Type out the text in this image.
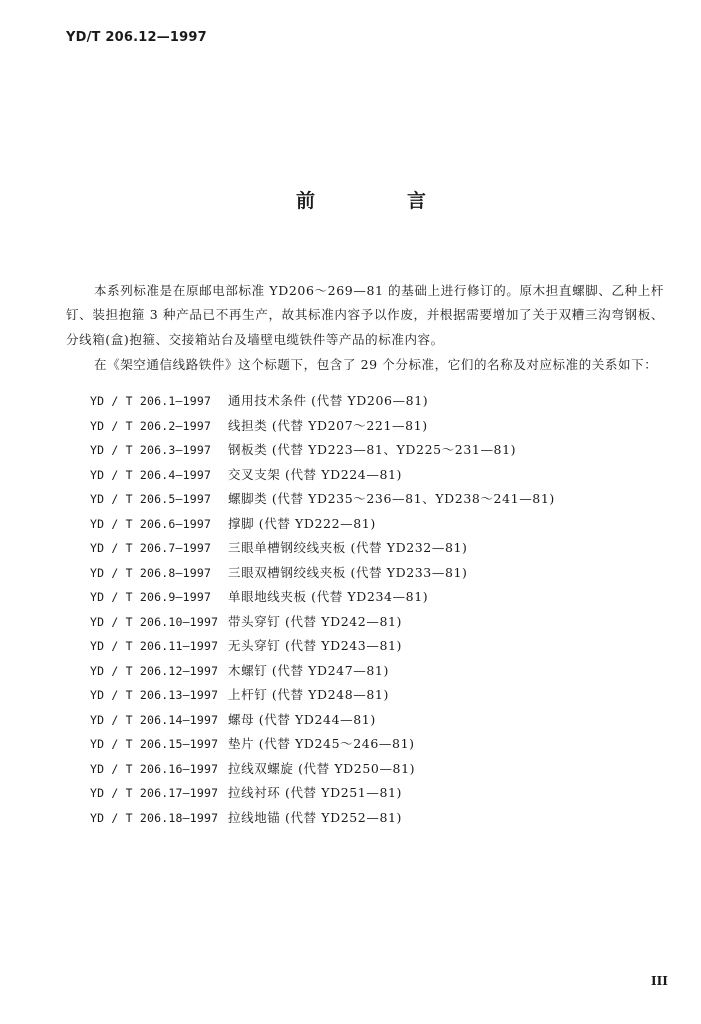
YD/T 206.12—1997
前言

本系列标准是在原邮电部标准 YD206～269—81 的基础上进行修订的。原木担直螺脚、乙种上杆钉、装担抱箍 3 种产品已不再生产，故其标准内容予以作废，并根据需要增加了关于双糟三沟弯钢板、分线箱(盒)抱箍、交接箱站台及墙壁电缆铁件等产品的标准内容。

在《架空通信线路铁件》这个标题下，包含了 29 个分标准，它们的名称及对应标准的关系如下：

YD / T 206.1—1997 通用技术条件 (代替 YD206—81)
YD / T 206.2—1997 线担类 (代替 YD207～221—81)
YD / T 206.3—1997 钢板类 (代替 YD223—81、YD225～231—81)
YD / T 206.4—1997 交叉支架 (代替 YD224—81)
YD / T 206.5—1997 螺脚类 (代替 YD235～236—81、YD238～241—81)
YD / T 206.6—1997 撑脚 (代替 YD222—81)
YD / T 206.7—1997 三眼单槽钢绞线夹板 (代替 YD232—81)
YD / T 206.8—1997 三眼双槽钢绞线夹板 (代替 YD233—81)
YD / T 206.9—1997 单眼地线夹板 (代替 YD234—81)
YD / T 206.10—1997 带头穿钉 (代替 YD242—81)
YD / T 206.11—1997 无头穿钉 (代替 YD243—81)
YD / T 206.12—1997 木螺钉 (代替 YD247—81)
YD / T 206.13—1997 上杆钉 (代替 YD248—81)
YD / T 206.14—1997 螺母 (代替 YD244—81)
YD / T 206.15—1997 垫片 (代替 YD245～246—81)
YD / T 206.16—1997 拉线双螺旋 (代替 YD250—81)
YD / T 206.17—1997 拉线衬环 (代替 YD251—81)
YD / T 206.18—1997 拉线地锚 (代替 YD252—81)
III
